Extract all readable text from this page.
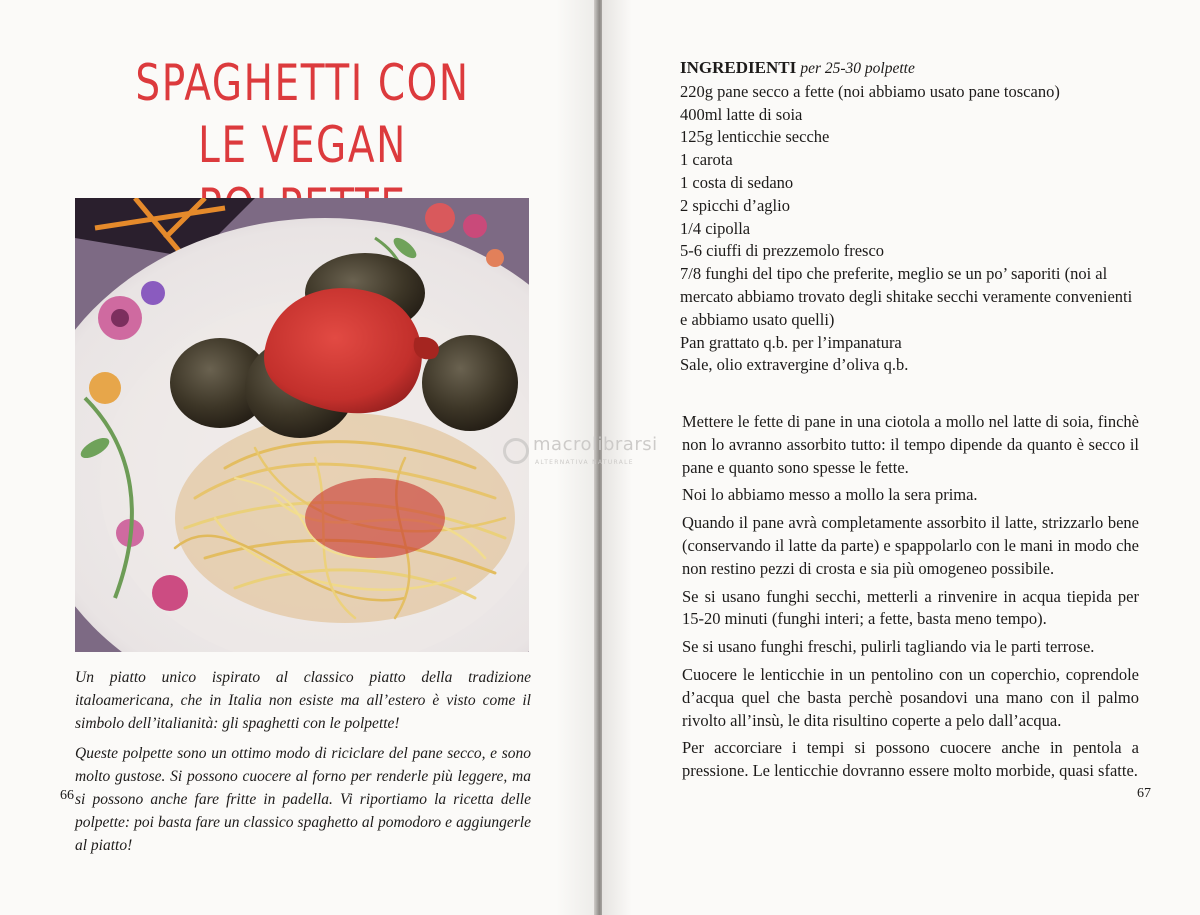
SPAGHETTI CON
LE VEGAN

Un piatto unico ispirato al classico piatto della tradizione italoamericana, che in Italia non esiste ma all’estero è visto come il simbolo dell’italianità: gli spaghetti con le polpette!

Queste polpette sono un ottimo modo di riciclare del pane secco, e sono molto gustose. Si possono cuocere al forno per renderle più leggere, ma si possono anche fare fritte in padella. Vi riportiamo la ricetta delle polpette: poi basta fare un classico spaghetto al pomodoro e aggiungerle al piatto!

66
INGREDIENTI per 25-30 polpette
220g pane secco a fette (noi abbiamo usato pane toscano)
400ml latte di soia
125g lenticchie secche
1 carota
1 costa di sedano
2 spicchi d’aglio
1/4 cipolla
5-6 ciuffi di prezzemolo fresco
7/8 funghi del tipo che preferite, meglio se un po’ saporiti (noi al mercato abbiamo trovato degli shitake secchi veramente convenienti e abbiamo usato quelli)
Pan grattato q.b. per l’impanatura
Sale, olio extravergine d’oliva q.b.

Mettere le fette di pane in una ciotola a mollo nel latte di soia, finchè non lo avranno assorbito tutto: il tempo dipende da quanto è secco il pane e quanto sono spesse le fette.

Noi lo abbiamo messo a mollo la sera prima.

Quando il pane avrà completamente assorbito il latte, strizzarlo bene (conservando il latte da parte) e spappolarlo con le mani in modo che non restino pezzi di crosta e sia più omogeneo possibile.

Se si usano funghi secchi, metterli a rinvenire in acqua tiepida per 15-20 minuti (funghi interi; a fette, basta meno tempo).

Se si usano funghi freschi, pulirli tagliando via le parti terrose.

Cuocere le lenticchie in un pentolino con un coperchio, coprendole d’acqua quel che basta perchè posandovi una mano con il palmo rivolto all’insù, le dita risultino coperte a pelo dall’acqua.

Per accorciare i tempi si possono cuocere anche in pentola a pressione. Le lenticchie dovranno essere molto morbide, quasi sfatte.

67
macrolibrarsi
ALTERNATIVA NATURALE
